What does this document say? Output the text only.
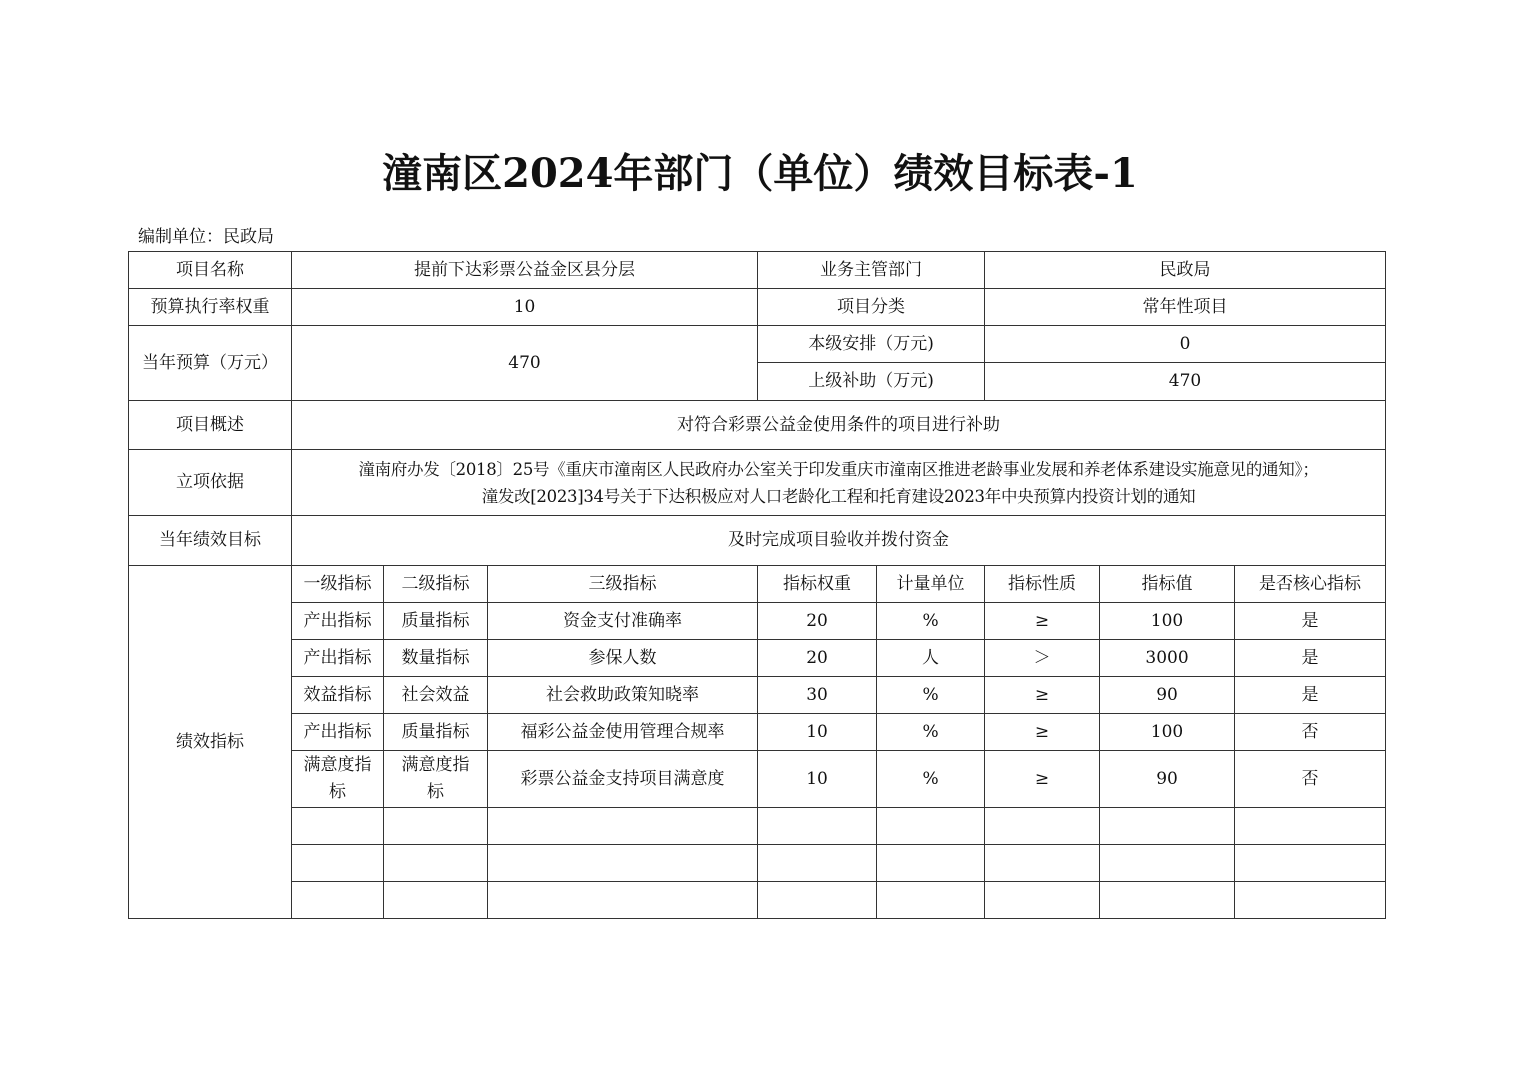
潼南区2024年部门（单位）绩效目标表-1
编制单位：民政局
项目名称	提前下达彩票公益金区县分层			业务主管部门		民政局		
预算执行率权重	10			项目分类		常年性项目		
当年预算（万元）	470			本级安排（万元)		0		
				上级补助（万元)		470		
项目概述	对符合彩票公益金使用条件的项目进行补助							
立项依据	潼南府办发〔2018〕25号《重庆市潼南区人民政府办公室关于印发重庆市潼南区推进老龄事业发展和养老体系建设实施意见的通知》；
潼发改[2023]34号关于下达积极应对人口老龄化工程和托育建设2023年中央预算内投资计划的通知							

当年绩效目标	及时完成项目验收并拨付资金							
绩效指标	一级指标	二级指标	三级指标	指标权重	计量单位	指标性质	指标值	是否核心指标
	产出指标	质量指标	资金支付准确率	20	%	≥	100	是
	产出指标	数量指标	参保人数	20	人	＞	3000	是
	效益指标	社会效益	社会救助政策知晓率	30	%	≥	90	是
	产出指标	质量指标	福彩公益金使用管理合规率	10	%	≥	100	否
	满意度指标	满意度指标	彩票公益金支持项目满意度	10	%	≥	90	否
